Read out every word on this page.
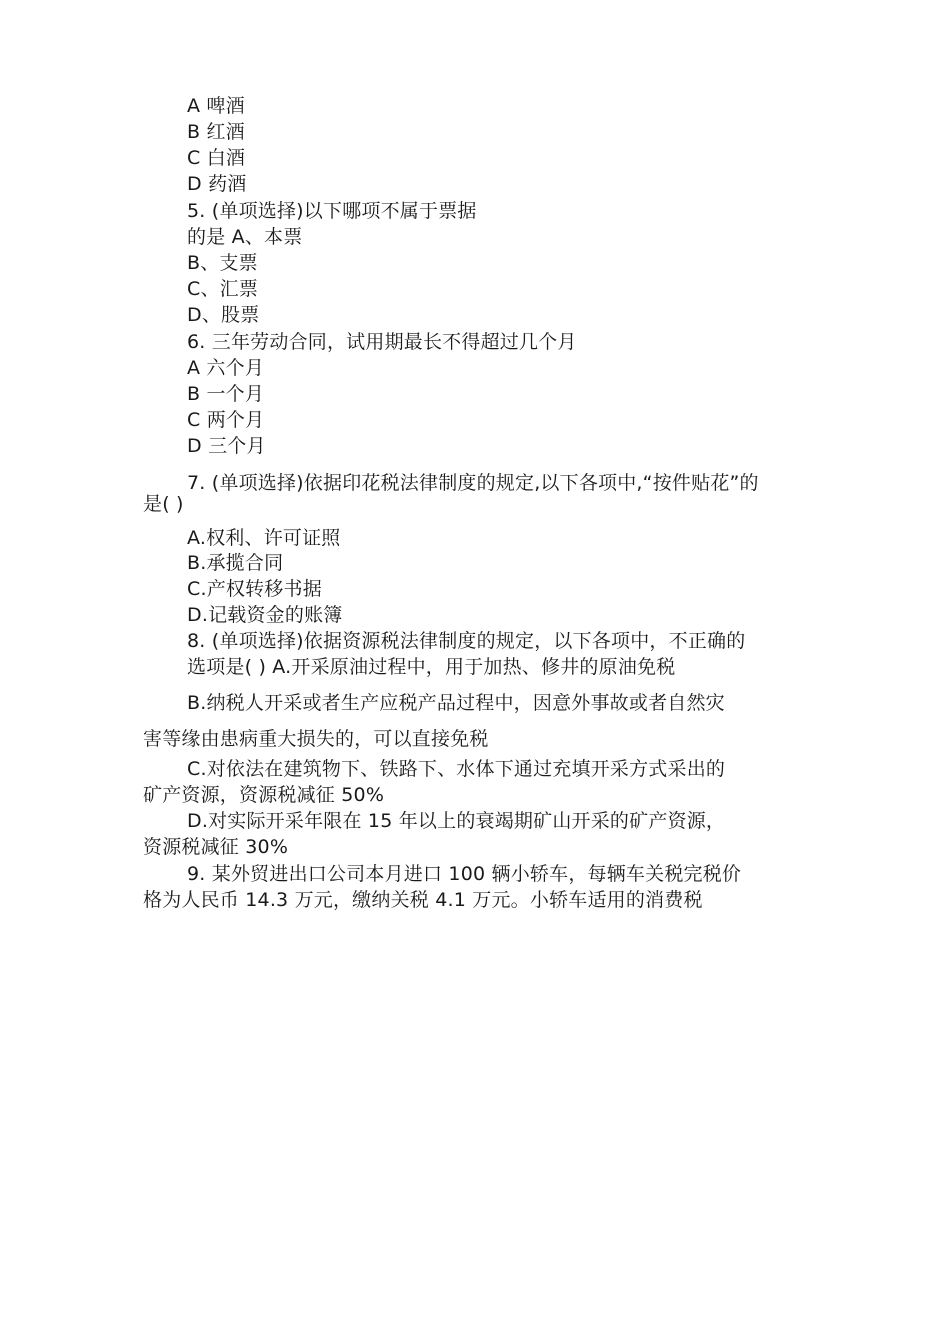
A 啤酒
B 红酒
C 白酒
D 药酒
5. (单项选择)以下哪项不属于票据
的是 A、本票
B、支票
C、汇票
D、股票
6. 三年劳动合同，试用期最长不得超过几个月
A 六个月
B 一个月
C 两个月
D 三个月
7. (单项选择)依据印花税法律制度的规定,以下各项中,“按件贴花”的
是( )
A.权利、许可证照
B.承揽合同
C.产权转移书据
D.记载资金的账簿
8. (单项选择)依据资源税法律制度的规定，以下各项中，不正确的
选项是( ) A.开采原油过程中，用于加热、修井的原油免税
B.纳税人开采或者生产应税产品过程中，因意外事故或者自然灾
害等缘由患病重大损失的，可以直接免税
C.对依法在建筑物下、铁路下、水体下通过充填开采方式采出的
矿产资源，资源税减征 50%
D.对实际开采年限在 15 年以上的衰竭期矿山开采的矿产资源，
资源税减征 30%
9. 某外贸进出口公司本月进口 100 辆小轿车，每辆车关税完税价
格为人民币 14.3 万元，缴纳关税 4.1 万元。小轿车适用的消费税
